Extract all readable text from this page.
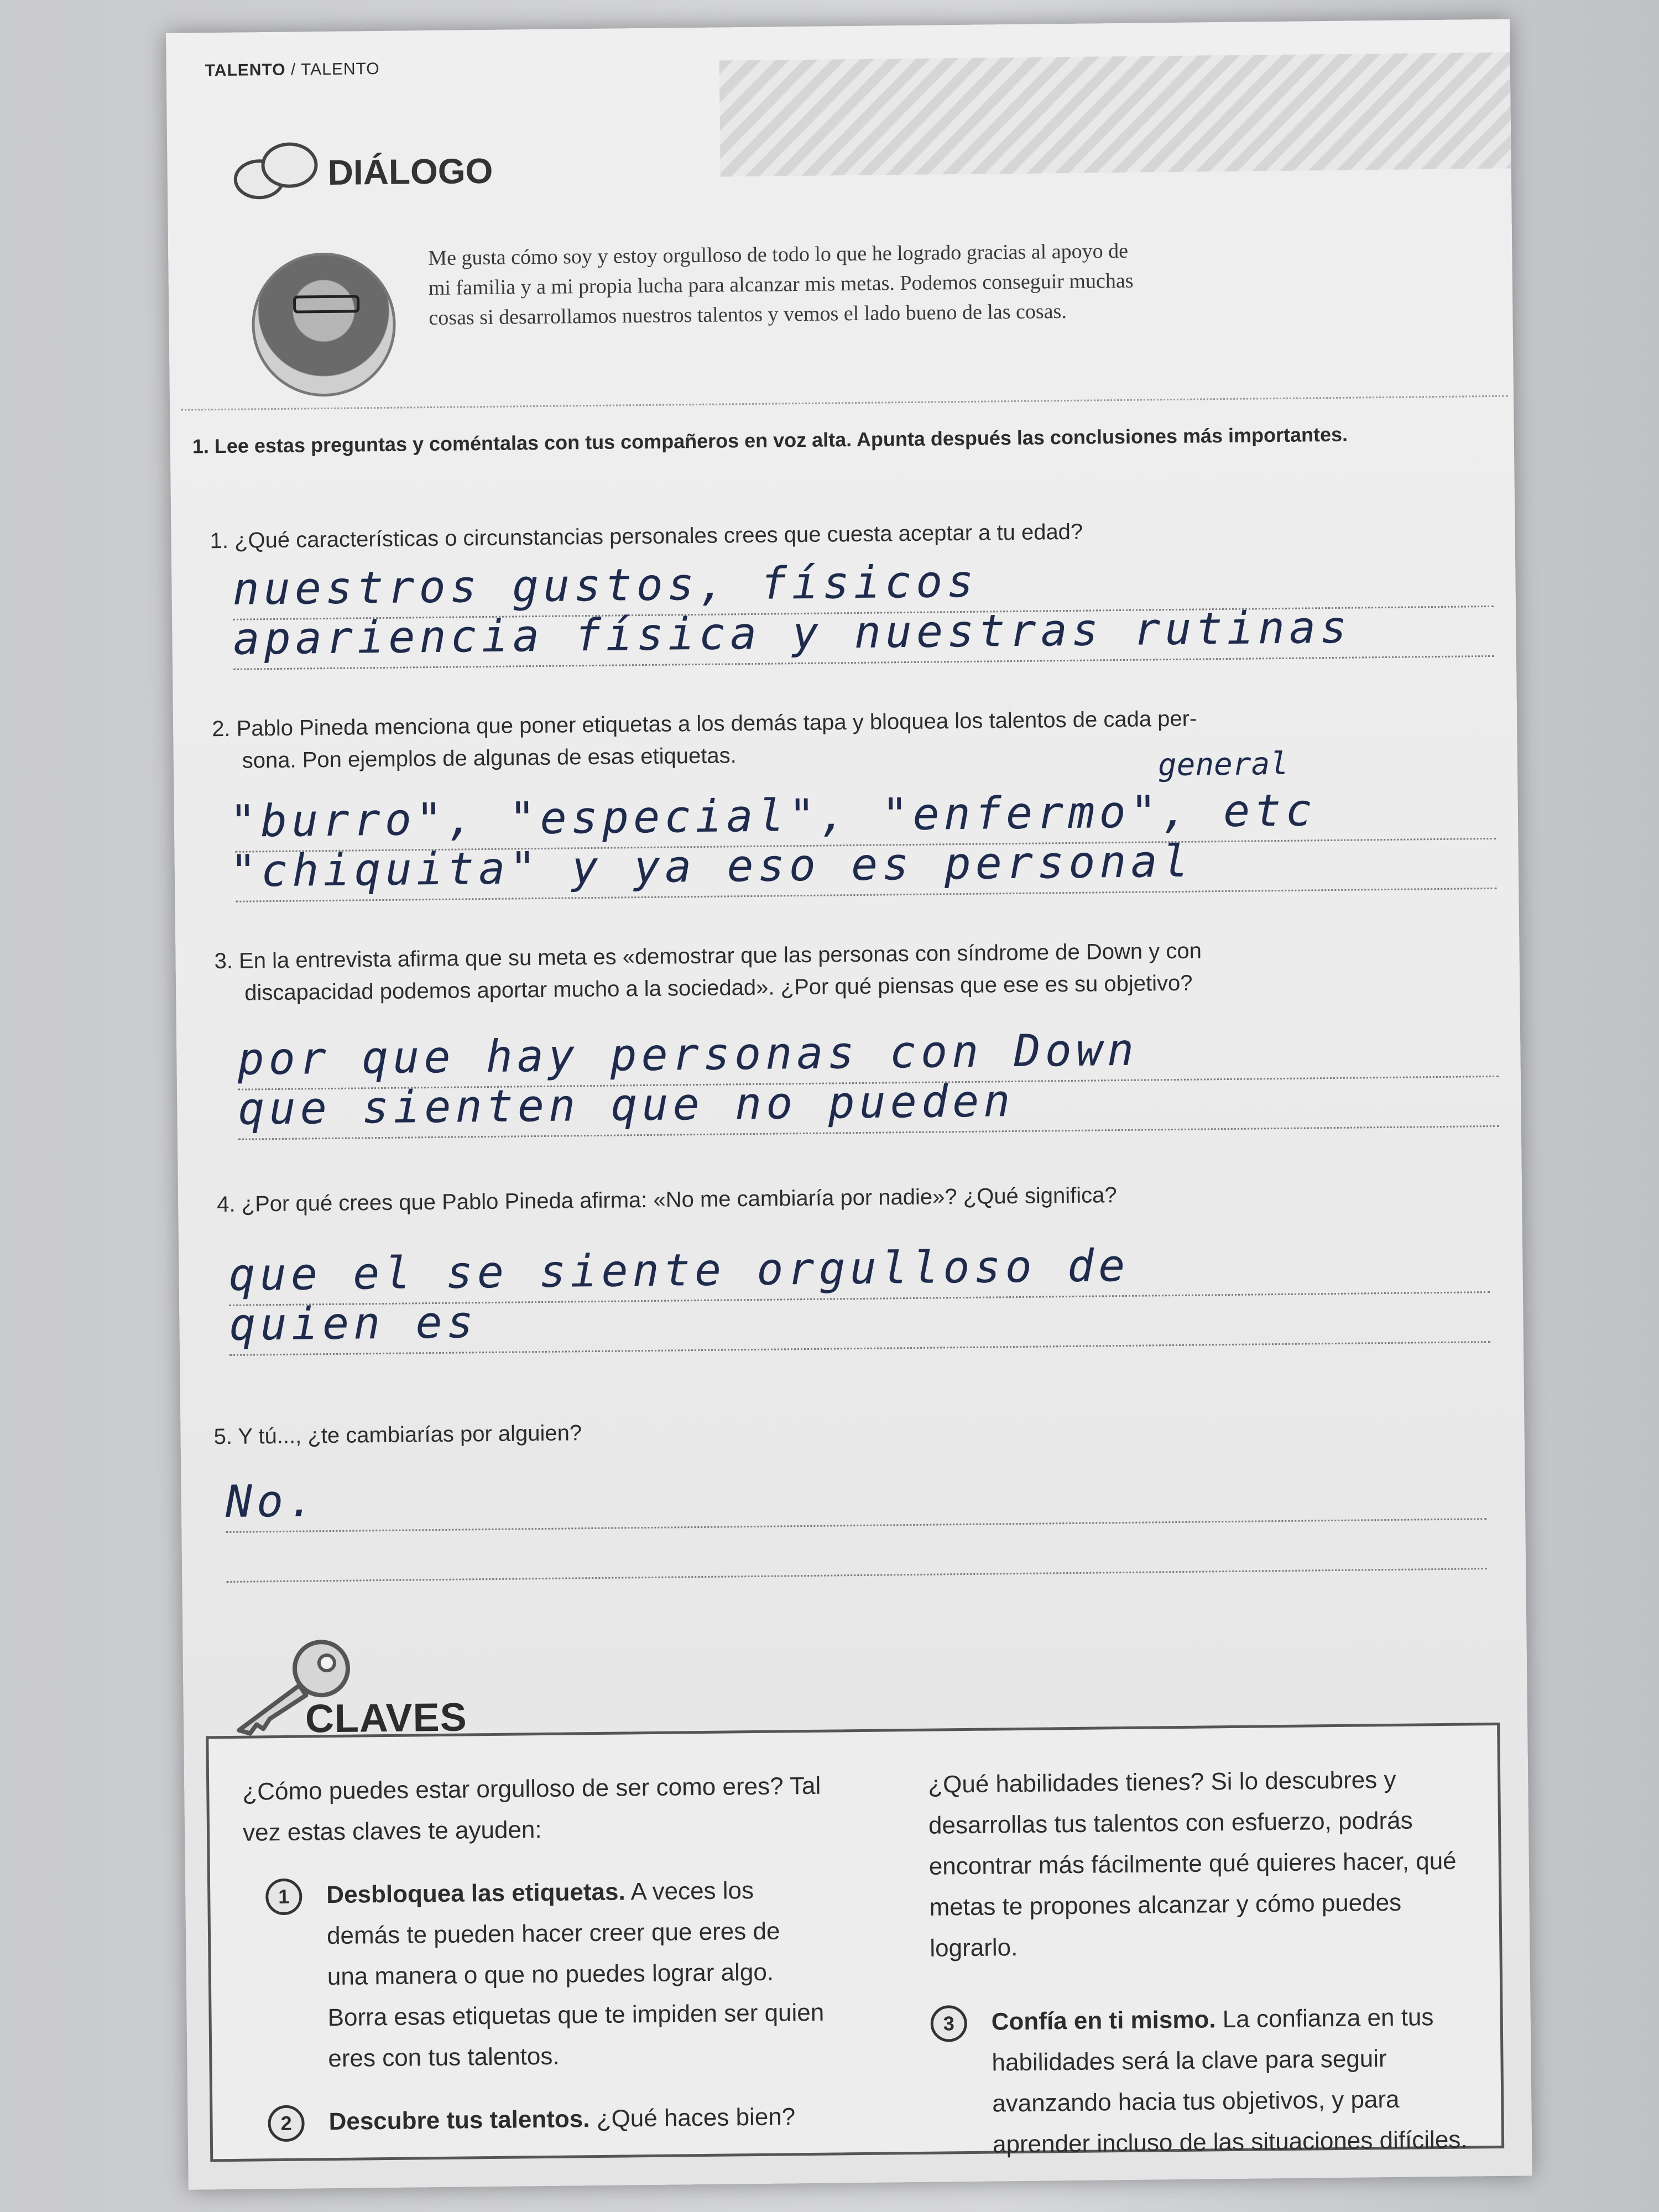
TALENTO / TALENTO
DIÁLOGO
Me gusta cómo soy y estoy orgulloso de todo lo que he logrado gracias al apoyo de
mi familia y a mi propia lucha para alcanzar mis metas. Podemos conseguir muchas
cosas si desarrollamos nuestros talentos y vemos el lado bueno de las cosas.
1. Lee estas preguntas y coméntalas con tus compañeros en voz alta. Apunta después las conclusiones más importantes.
1. ¿Qué características o circunstancias personales crees que cuesta aceptar a tu edad?
nuestros gustos, físicos
apariencia física y nuestras rutinas
2. Pablo Pineda menciona que poner etiquetas a los demás tapa y bloquea los talentos de cada per-
sona. Pon ejemplos de algunas de esas etiquetas.	general
"burro", "especial", "enfermo", etc
"chiquita" y ya eso es personal
3. En la entrevista afirma que su meta es «demostrar que las personas con síndrome de Down y con
discapacidad podemos aportar mucho a la sociedad». ¿Por qué piensas que ese es su objetivo?
por que hay personas con Down
que sienten que no pueden
4. ¿Por qué crees que Pablo Pineda afirma: «No me cambiaría por nadie»? ¿Qué significa?
que el se siente orgulloso de
quien es
5. Y tú..., ¿te cambiarías por alguien?
No.
CLAVES
¿Cómo puedes estar orgulloso de ser como eres? Tal vez estas claves te ayuden:
1	Desbloquea las etiquetas. A veces los demás te pueden hacer creer que eres de una manera o que no puedes lograr algo. Borra esas etiquetas que te impiden ser quien eres con tus talentos.
2	Descubre tus talentos. ¿Qué haces bien?
¿Qué habilidades tienes? Si lo descubres y desarrollas tus talentos con esfuerzo, podrás encontrar más fácilmente qué quieres hacer, qué metas te propones alcanzar y cómo puedes lograrlo.
3	Confía en ti mismo. La confianza en tus habilidades será la clave para seguir avanzando hacia tus objetivos, y para aprender incluso de las situaciones difíciles.
